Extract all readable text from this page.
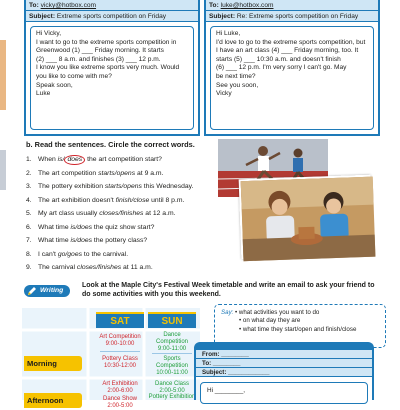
To: vicky@hotbox.com
Subject: Extreme sports competition on Friday

Hi Vicky,

I want to go to the extreme sports competition in

Greenwood (1) ___ Friday morning. It starts

(2) ___ 8 a.m. and finishes (3) ___ 12 p.m.

I know you like extreme sports very much. Would

you like to come with me?

Speak soon,

Luke

To: luke@hotbox.com
Subject: Re: Extreme sports competition on Friday

Hi Luke,

I'd love to go to the extreme sports competition, but

I have an art class (4) ___ Friday morning, too. It

starts (5) ___ 10:30 a.m. and doesn't finish

(6) ___ 12 p.m. I'm very sorry I can't go. May

be next time?

See you soon,

Vicky

b. Read the sentences. Circle the correct words.
1. When is/ does the art competition start?
2. The art competition starts/opens at 9 a.m.
3. The pottery exhibition starts/opens this Wednesday.
4. The art exhibition doesn't finish/close until 8 p.m.
5. My art class usually closes/finishes at 12 a.m.
6. What time is/does the quiz show start?
7. What time is/does the pottery class?
8. I can't go/goes to the carnival.
9. The carnival closes/finishes at 11 a.m.
Writing
Look at the Maple City's Festival Week timetable and write an email to ask your friend to do some activities with you this weekend.
SAT	SUN
Morning
Afternoon
Art Competition
9:00-10:00
Pottery Class
10:30-12:00
Dance Competition
9:00-11:00
Sports Competition
10:00-11:00
Art Exhibition
2:00-6:00
Dance Show
2:00-5:00
Dance Class
2:00-5:00
Pottery Exhibition
Say: • what activities you want to do
• on what day they are
• what time they start/open and finish/close
From: ________
To: ________
Subject: ____________
Hi ________,
